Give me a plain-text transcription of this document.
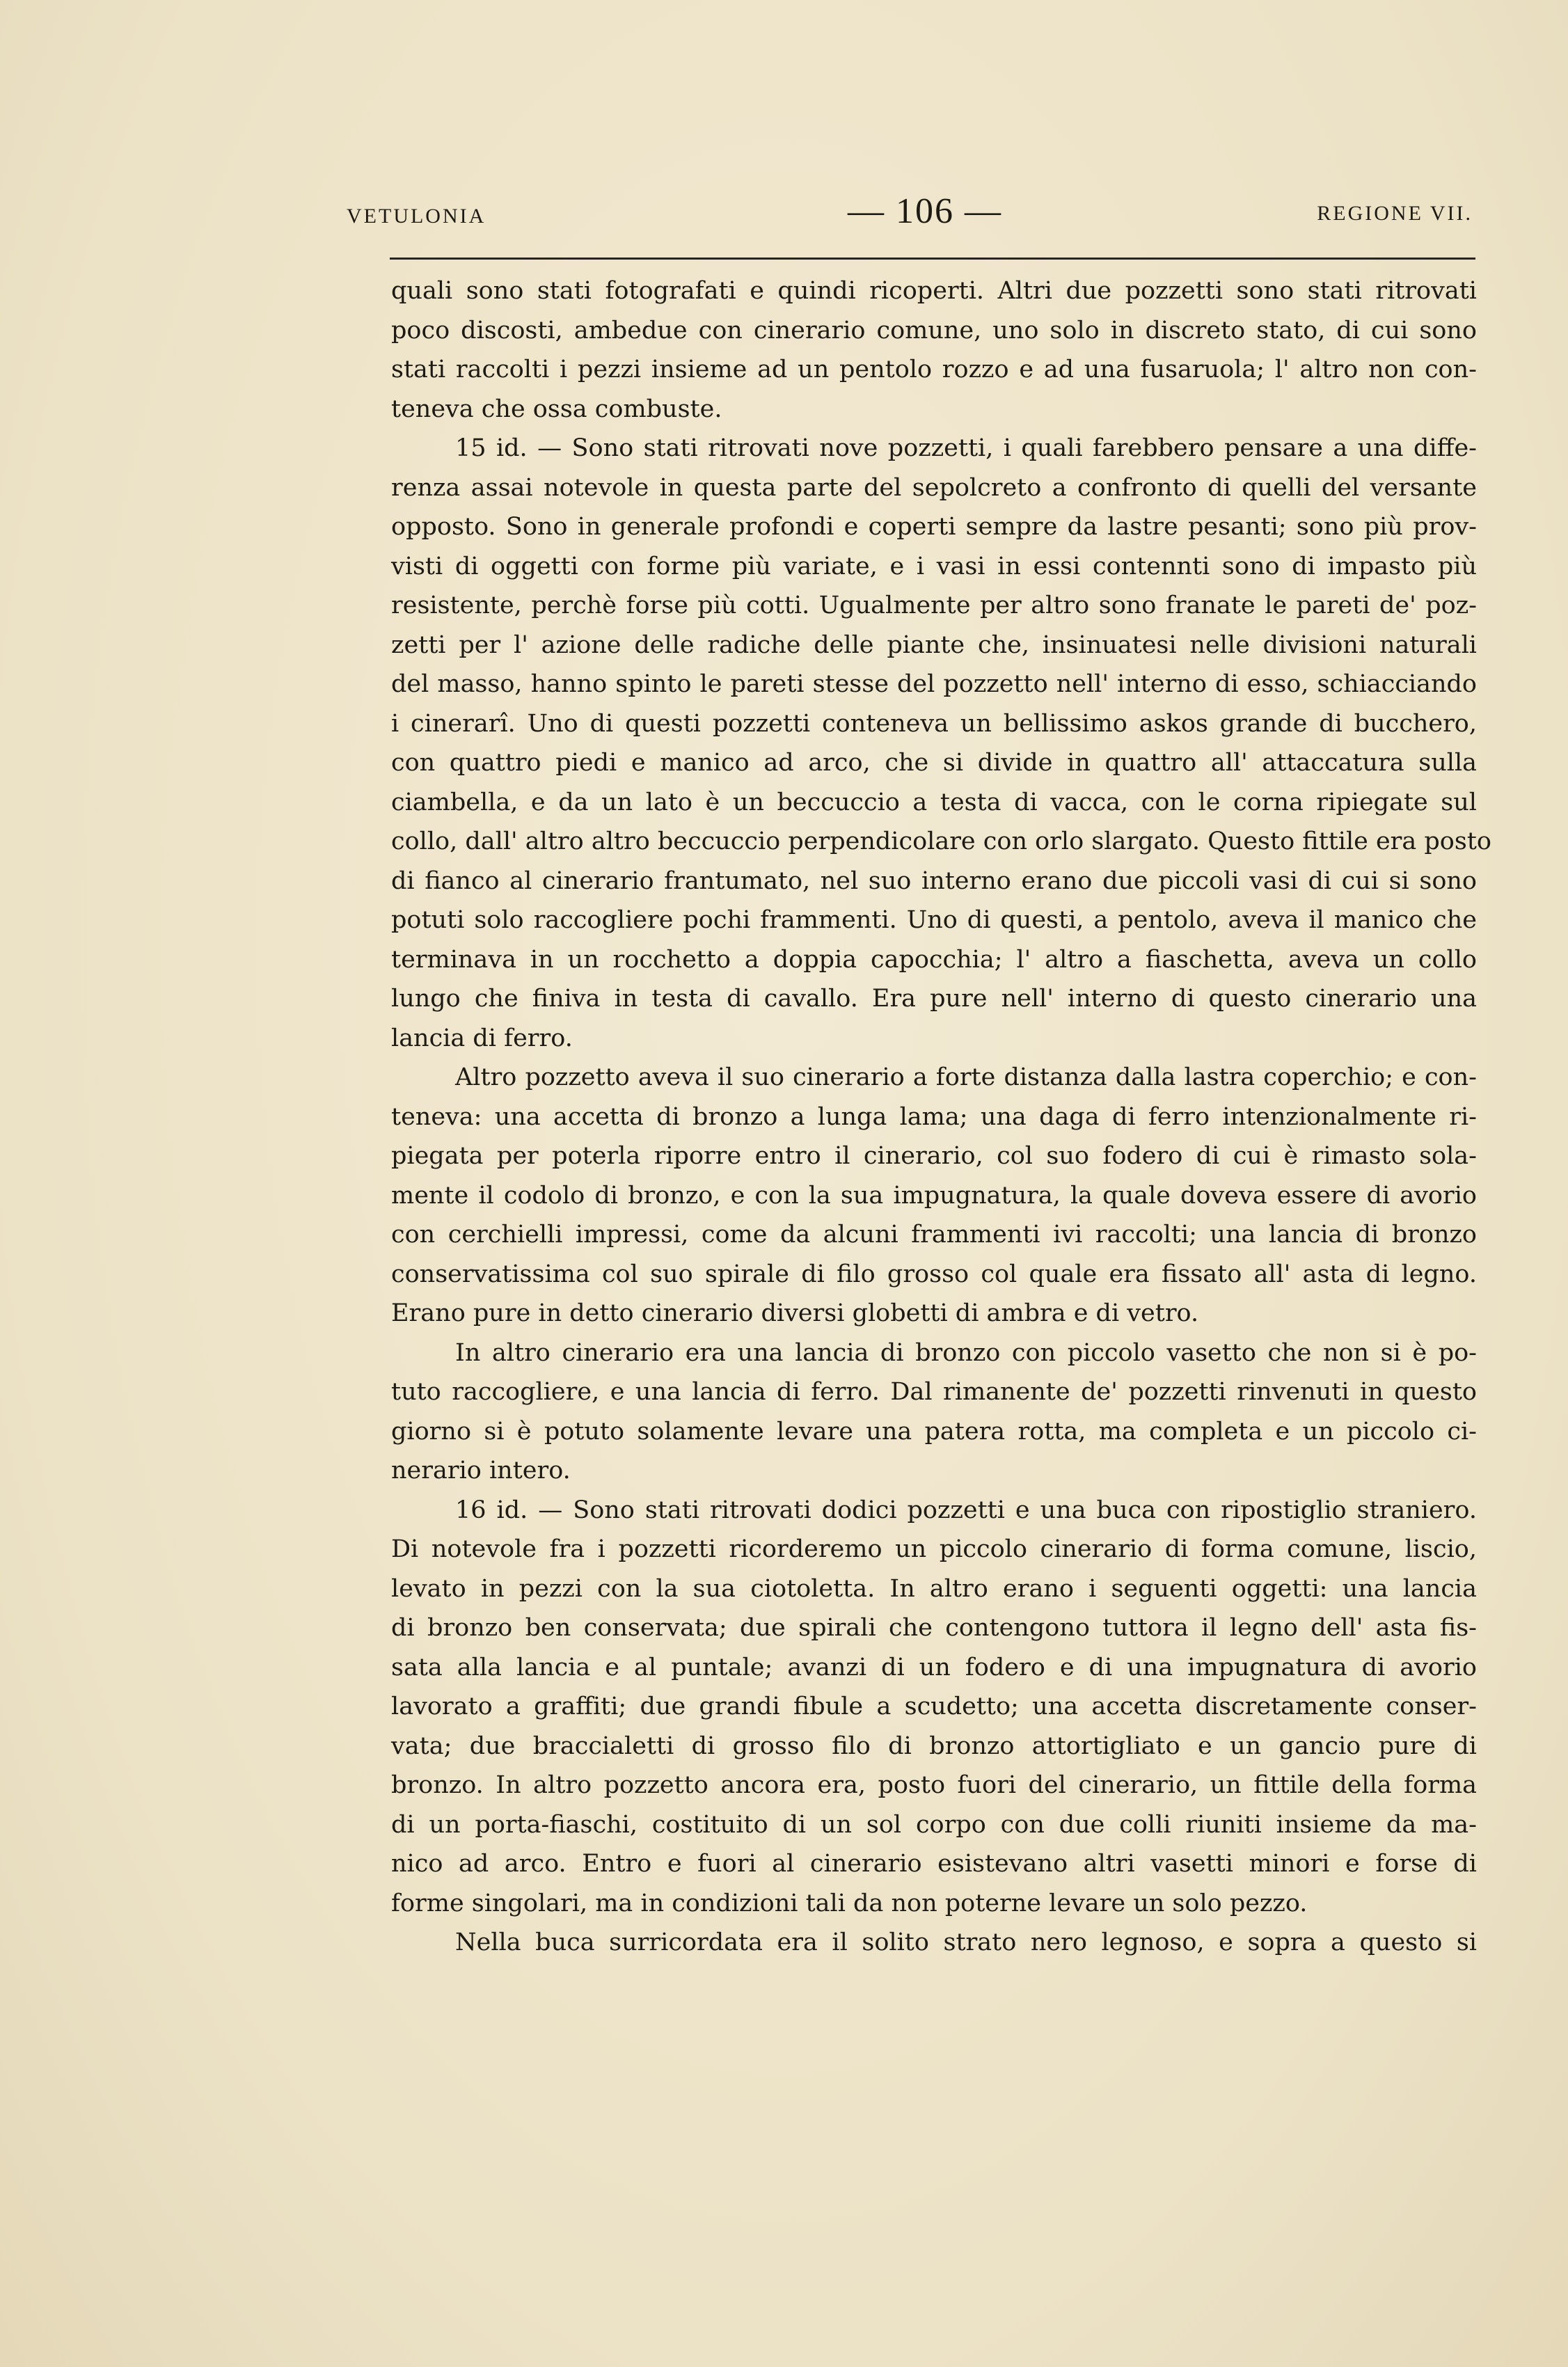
VETULONIA	— 106 —	REGIONE VII.
quali sono stati fotografati e quindi ricoperti. Altri due pozzetti sono stati ritrovati
poco discosti, ambedue con cinerario comune, uno solo in discreto stato, di cui sono
stati raccolti i pezzi insieme ad un pentolo rozzo e ad una fusaruola; l' altro non con-
teneva che ossa combuste.
15 id. — Sono stati ritrovati nove pozzetti, i quali farebbero pensare a una diffe-
renza assai notevole in questa parte del sepolcreto a confronto di quelli del versante
opposto. Sono in generale profondi e coperti sempre da lastre pesanti; sono più prov-
visti di oggetti con forme più variate, e i vasi in essi contennti sono di impasto più
resistente, perchè forse più cotti. Ugualmente per altro sono franate le pareti de' poz-
zetti per l' azione delle radiche delle piante che, insinuatesi nelle divisioni naturali
del masso, hanno spinto le pareti stesse del pozzetto nell' interno di esso, schiacciando
i cinerarî. Uno di questi pozzetti conteneva un bellissimo askos grande di bucchero,
con quattro piedi e manico ad arco, che si divide in quattro all' attaccatura sulla
ciambella, e da un lato è un beccuccio a testa di vacca, con le corna ripiegate sul
collo, dall' altro altro beccuccio perpendicolare con orlo slargato. Questo fittile era posto
di fianco al cinerario frantumato, nel suo interno erano due piccoli vasi di cui si sono
potuti solo raccogliere pochi frammenti. Uno di questi, a pentolo, aveva il manico che
terminava in un rocchetto a doppia capocchia; l' altro a fiaschetta, aveva un collo
lungo che finiva in testa di cavallo. Era pure nell' interno di questo cinerario una
lancia di ferro.
Altro pozzetto aveva il suo cinerario a forte distanza dalla lastra coperchio; e con-
teneva: una accetta di bronzo a lunga lama; una daga di ferro intenzionalmente ri-
piegata per poterla riporre entro il cinerario, col suo fodero di cui è rimasto sola-
mente il codolo di bronzo, e con la sua impugnatura, la quale doveva essere di avorio
con cerchielli impressi, come da alcuni frammenti ivi raccolti; una lancia di bronzo
conservatissima col suo spirale di filo grosso col quale era fissato all' asta di legno.
Erano pure in detto cinerario diversi globetti di ambra e di vetro.
In altro cinerario era una lancia di bronzo con piccolo vasetto che non si è po-
tuto raccogliere, e una lancia di ferro. Dal rimanente de' pozzetti rinvenuti in questo
giorno si è potuto solamente levare una patera rotta, ma completa e un piccolo ci-
nerario intero.
16 id. — Sono stati ritrovati dodici pozzetti e una buca con ripostiglio straniero.
Di notevole fra i pozzetti ricorderemo un piccolo cinerario di forma comune, liscio,
levato in pezzi con la sua ciotoletta. In altro erano i seguenti oggetti: una lancia
di bronzo ben conservata; due spirali che contengono tuttora il legno dell' asta fis-
sata alla lancia e al puntale; avanzi di un fodero e di una impugnatura di avorio
lavorato a graffiti; due grandi fibule a scudetto; una accetta discretamente conser-
vata; due braccialetti di grosso filo di bronzo attortigliato e un gancio pure di
bronzo. In altro pozzetto ancora era, posto fuori del cinerario, un fittile della forma
di un porta-fiaschi, costituito di un sol corpo con due colli riuniti insieme da ma-
nico ad arco. Entro e fuori al cinerario esistevano altri vasetti minori e forse di
forme singolari, ma in condizioni tali da non poterne levare un solo pezzo.
Nella buca surricordata era il solito strato nero legnoso, e sopra a questo si
